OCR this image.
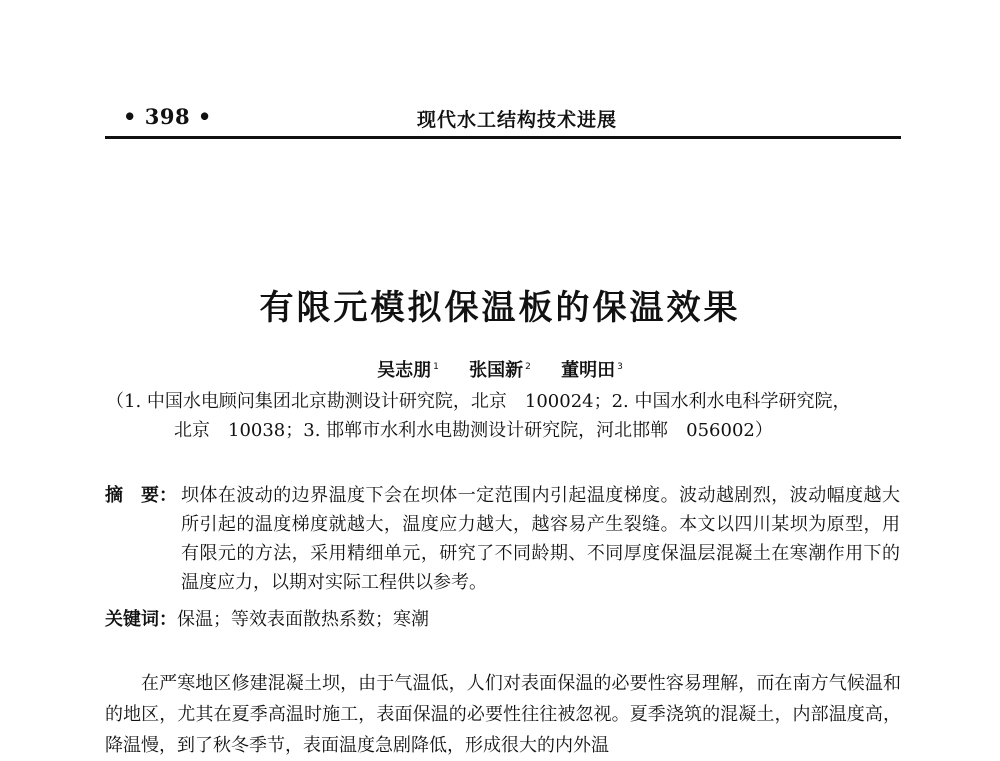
• 398 •	现代水工结构技术进展
有限元模拟保温板的保温效果
吴志朋 $^1$ 张国新 $^2$ 董明田 $^3$
（1. 中国水电顾问集团北京勘测设计研究院，北京　100024；2. 中国水利水电科学研究院，
北京　10038；3. 邯郸市水利水电勘测设计研究院，河北邯郸　056002）
摘　要： 坝体在波动的边界温度下会在坝体一定范围内引起温度梯度。波动越剧烈，波动幅度越大所引起的温度梯度就越大，温度应力越大，越容易产生裂缝。本文以四川某坝为原型，用有限元的方法，采用精细单元，研究了不同龄期、不同厚度保温层混凝土在寒潮作用下的温度应力，以期对实际工程供以参考。
关键词：保温；等效表面散热系数；寒潮
在严寒地区修建混凝土坝，由于气温低，人们对表面保温的必要性容易理解，而在南方气候温和的地区，尤其在夏季高温时施工，表面保温的必要性往往被忽视。夏季浇筑的混凝土，内部温度高，降温慢，到了秋冬季节，表面温度急剧降低，形成很大的内外温
